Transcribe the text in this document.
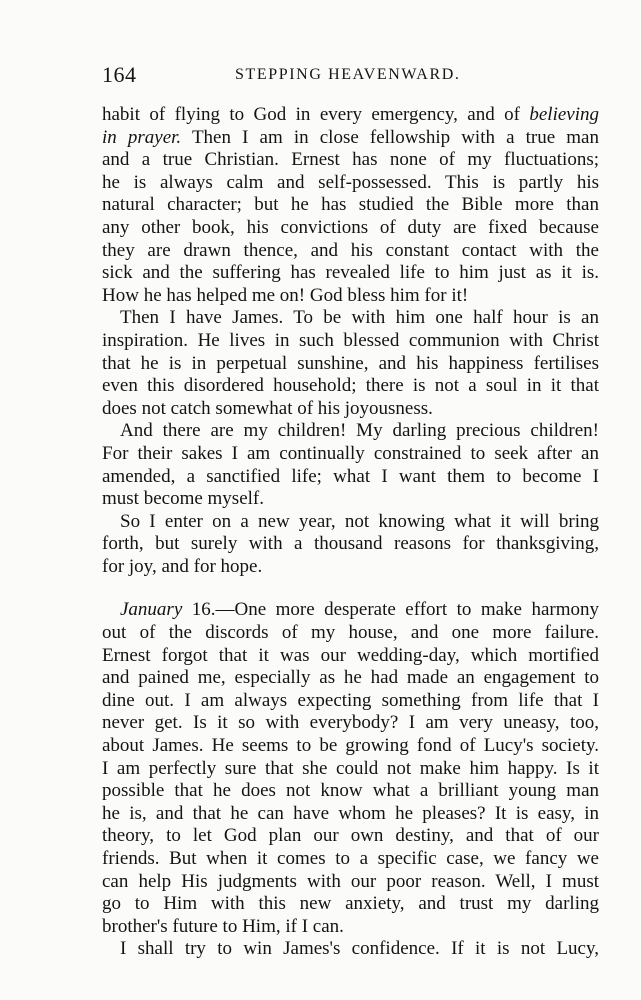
164	STEPPING HEAVENWARD.
habit of flying to God in every emergency, and of believing
in prayer. Then I am in close fellowship with a true man
and a true Christian. Ernest has none of my fluctuations;
he is always calm and self-possessed. This is partly his
natural character; but he has studied the Bible more than
any other book, his convictions of duty are fixed because
they are drawn thence, and his constant contact with the
sick and the suffering has revealed life to him just as it is.
How he has helped me on! God bless him for it!
Then I have James. To be with him one half hour is an
inspiration. He lives in such blessed communion with Christ
that he is in perpetual sunshine, and his happiness fertilises
even this disordered household; there is not a soul in it that
does not catch somewhat of his joyousness.
And there are my children! My darling precious children!
For their sakes I am continually constrained to seek after an
amended, a sanctified life; what I want them to become I
must become myself.
So I enter on a new year, not knowing what it will bring
forth, but surely with a thousand reasons for thanksgiving,
for joy, and for hope.
January 16.—One more desperate effort to make harmony
out of the discords of my house, and one more failure.
Ernest forgot that it was our wedding-day, which mortified
and pained me, especially as he had made an engagement to
dine out. I am always expecting something from life that I
never get. Is it so with everybody? I am very uneasy, too,
about James. He seems to be growing fond of Lucy's society.
I am perfectly sure that she could not make him happy. Is it
possible that he does not know what a brilliant young man
he is, and that he can have whom he pleases? It is easy, in
theory, to let God plan our own destiny, and that of our
friends. But when it comes to a specific case, we fancy we
can help His judgments with our poor reason. Well, I must
go to Him with this new anxiety, and trust my darling
brother's future to Him, if I can.
I shall try to win James's confidence. If it is not Lucy,
